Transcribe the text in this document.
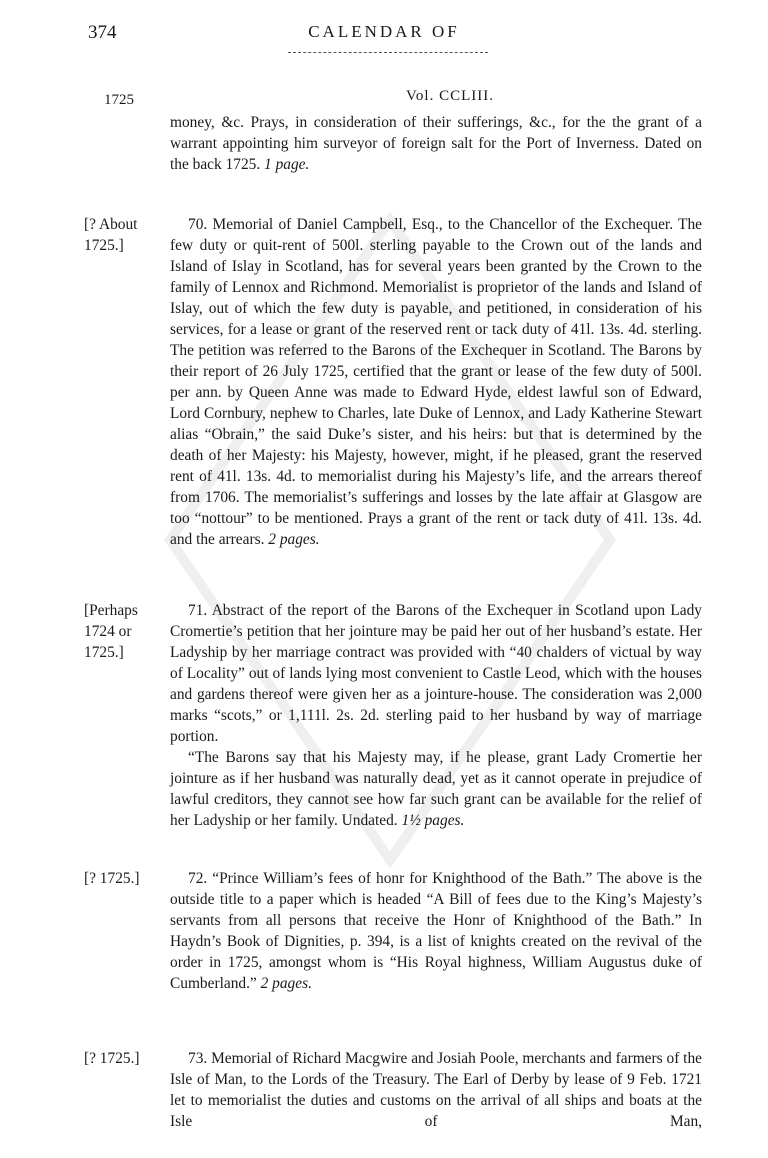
374	CALENDAR OF
1725	Vol. CCLIII.

money, &c. Prays, in consideration of their sufferings, &c., for the the grant of a warrant appointing him surveyor of foreign salt for the Port of Inverness. Dated on the back 1725. 1 page.

[? About 1725.]

70. Memorial of Daniel Campbell, Esq., to the Chancellor of the Exchequer. The few duty or quit-rent of 500l. sterling payable to the Crown out of the lands and Island of Islay in Scotland, has for several years been granted by the Crown to the family of Lennox and Richmond. Memorialist is proprietor of the lands and Island of Islay, out of which the few duty is payable, and petitioned, in consideration of his services, for a lease or grant of the reserved rent or tack duty of 41l. 13s. 4d. sterling. The petition was referred to the Barons of the Exchequer in Scotland. The Barons by their report of 26 July 1725, certified that the grant or lease of the few duty of 500l. per ann. by Queen Anne was made to Edward Hyde, eldest lawful son of Edward, Lord Cornbury, nephew to Charles, late Duke of Lennox, and Lady Katherine Stewart alias “Obrain,” the said Duke’s sister, and his heirs: but that is determined by the death of her Majesty: his Majesty, however, might, if he pleased, grant the reserved rent of 41l. 13s. 4d. to memorialist during his Majesty’s life, and the arrears thereof from 1706. The memorialist’s sufferings and losses by the late affair at Glasgow are too “nottour” to be mentioned. Prays a grant of the rent or tack duty of 41l. 13s. 4d. and the arrears. 2 pages.

[Perhaps 1724 or 1725.]

71. Abstract of the report of the Barons of the Exchequer in Scotland upon Lady Cromertie’s petition that her jointure may be paid her out of her husband’s estate. Her Ladyship by her marriage contract was provided with “40 chalders of victual by way of Locality” out of lands lying most convenient to Castle Leod, which with the houses and gardens thereof were given her as a jointure-house. The consideration was 2,000 marks “scots,” or 1,111l. 2s. 2d. sterling paid to her husband by way of marriage portion.

“The Barons say that his Majesty may, if he please, grant Lady Cromertie her jointure as if her husband was naturally dead, yet as it cannot operate in prejudice of lawful creditors, they cannot see how far such grant can be available for the relief of her Ladyship or her family. Undated. 1½ pages.

[? 1725.]	72. “Prince William’s fees of honr for Knighthood of the Bath.” The above is the outside title to a paper which is headed “A Bill of fees due to the King’s Majesty’s servants from all persons that receive the Honr of Knighthood of the Bath.” In Haydn’s Book of Dignities, p. 394, is a list of knights created on the revival of the order in 1725, amongst whom is “His Royal highness, William Augustus duke of Cumberland.” 2 pages.

[? 1725.]	73. Memorial of Richard Macgwire and Josiah Poole, merchants and farmers of the Isle of Man, to the Lords of the Treasury. The Earl of Derby by lease of 9 Feb. 1721 let to memorialist the duties and customs on the arrival of all ships and boats at the Isle of Man,
